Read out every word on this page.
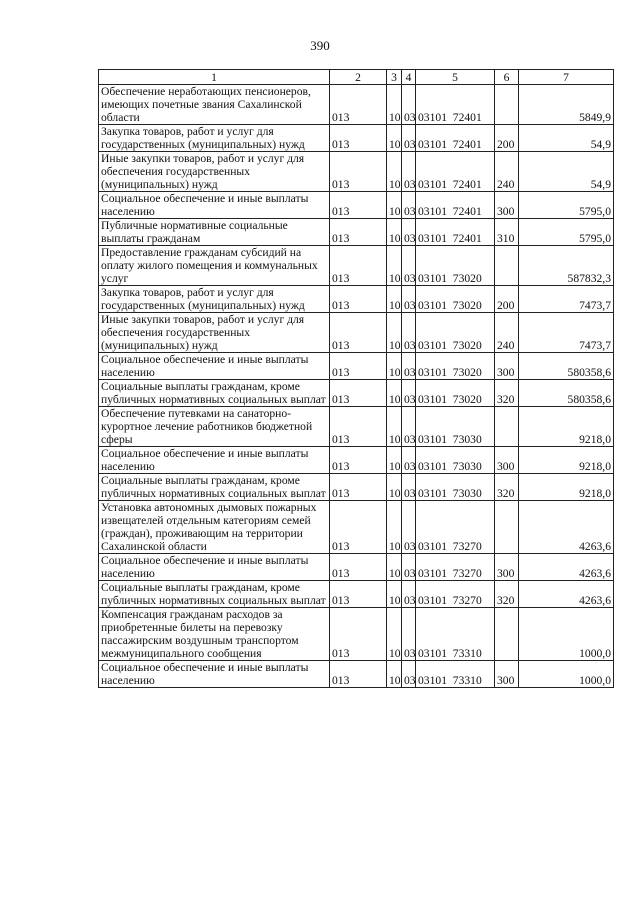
390
1	2	3	4	5	6	7
Обеспечение неработающих пенсионеров, имеющих почетные звания Сахалинской области	013	10	03	03101  72401		5849,9
Закупка товаров, работ и услуг для государственных (муниципальных) нужд	013	10	03	03101  72401	200	54,9
Иные закупки товаров, работ и услуг для обеспечения государственных (муниципальных) нужд	013	10	03	03101  72401	240	54,9
Социальное обеспечение и иные выплаты населению	013	10	03	03101  72401	300	5795,0
Публичные нормативные социальные выплаты гражданам	013	10	03	03101  72401	310	5795,0
Предоставление гражданам субсидий на оплату жилого помещения и коммунальных услуг	013	10	03	03101  73020		587832,3
Закупка товаров, работ и услуг для государственных (муниципальных) нужд	013	10	03	03101  73020	200	7473,7
Иные закупки товаров, работ и услуг для обеспечения государственных (муниципальных) нужд	013	10	03	03101  73020	240	7473,7
Социальное обеспечение и иные выплаты населению	013	10	03	03101  73020	300	580358,6
Социальные выплаты гражданам, кроме публичных нормативных социальных выплат	013	10	03	03101  73020	320	580358,6
Обеспечение путевками на санаторно-курортное лечение работников бюджетной сферы	013	10	03	03101  73030		9218,0
Социальное обеспечение и иные выплаты населению	013	10	03	03101  73030	300	9218,0
Социальные выплаты гражданам, кроме публичных нормативных социальных выплат	013	10	03	03101  73030	320	9218,0
Установка автономных дымовых пожарных извещателей отдельным категориям семей (граждан), проживающим на территории Сахалинской области	013	10	03	03101  73270		4263,6
Социальное обеспечение и иные выплаты населению	013	10	03	03101  73270	300	4263,6
Социальные выплаты гражданам, кроме публичных нормативных социальных выплат	013	10	03	03101  73270	320	4263,6
Компенсация гражданам расходов за приобретенные билеты на перевозку пассажирским воздушным транспортом межмуниципального сообщения	013	10	03	03101  73310		1000,0
Социальное обеспечение и иные выплаты населению	013	10	03	03101  73310	300	1000,0
